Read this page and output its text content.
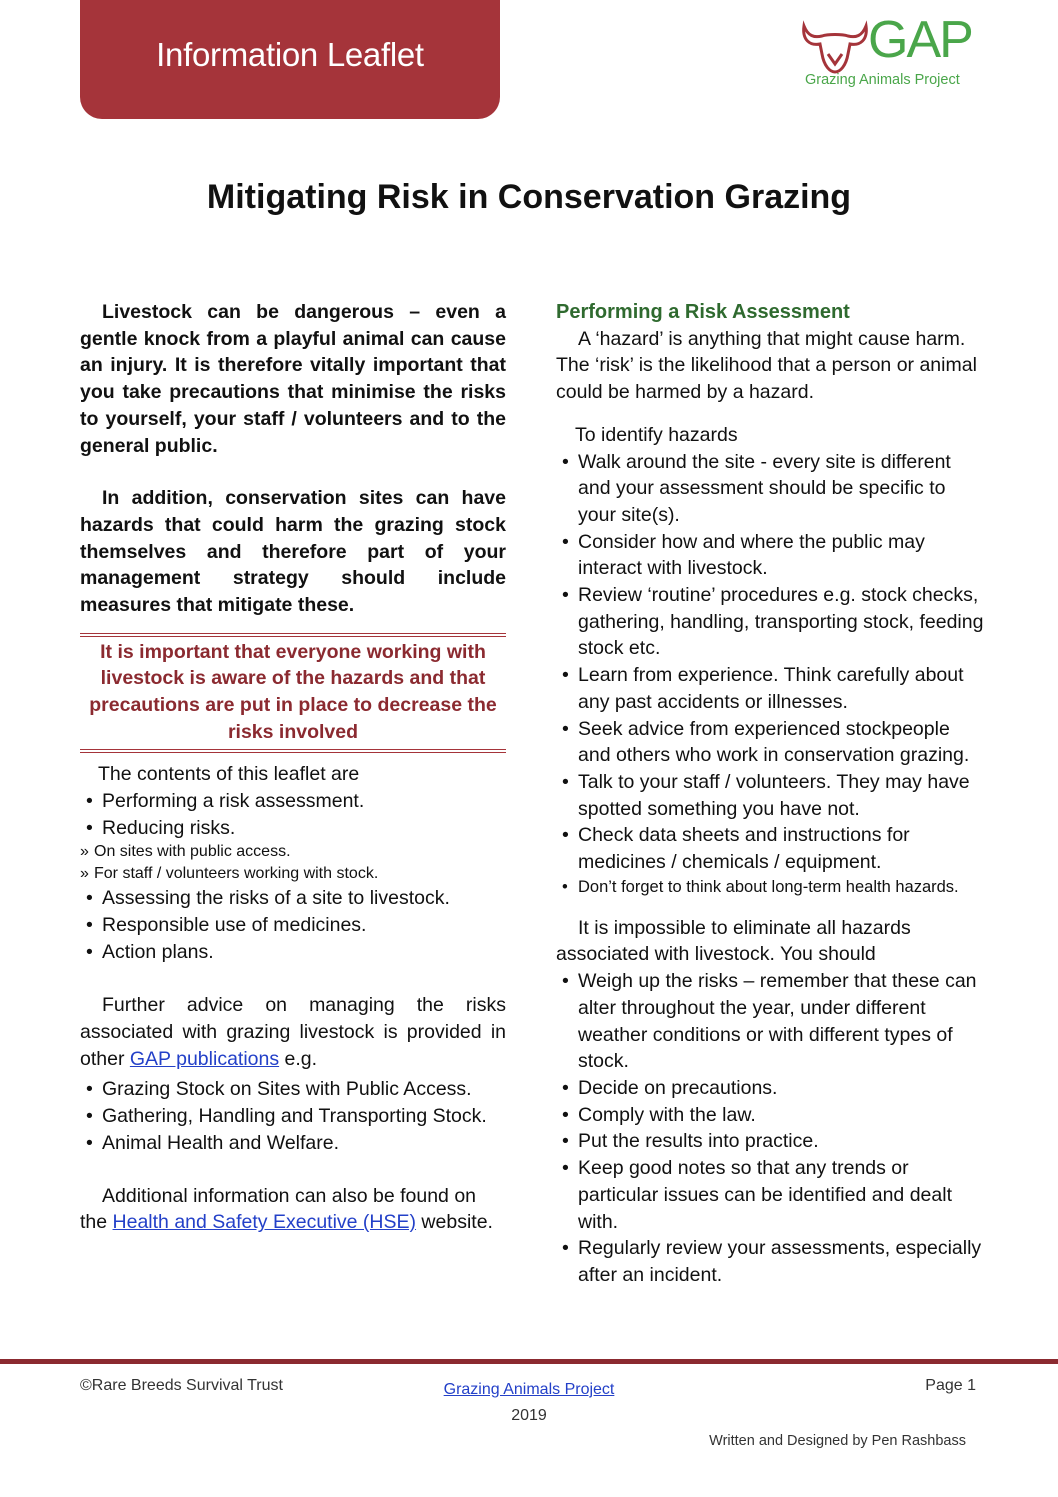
Information Leaflet	GAP
Grazing Animals Project
Mitigating Risk in Conservation Grazing

Livestock can be dangerous – even a gentle knock from a playful animal can cause an injury. It is therefore vitally important that you take precautions that minimise the risks to yourself, your staff / volunteers and to the general public.

In addition, conservation sites can have hazards that could harm the grazing stock themselves and therefore part of your management strategy should include measures that mitigate these.

It is important that everyone working with livestock is aware of the hazards and that precautions are put in place to decrease the risks involved

The contents of this leaflet are

• Performing a risk assessment.
• Reducing risks.
» On sites with public access.
» For staff / volunteers working with stock.
• Assessing the risks of a site to livestock.
• Responsible use of medicines.
• Action plans.

Further advice on managing the risks associated with grazing livestock is provided in other GAP publications e.g.

• Grazing Stock on Sites with Public Access.
• Gathering, Handling and Transporting Stock.
• Animal Health and Welfare.

Additional information can also be found on the Health and Safety Executive (HSE) website.

Performing a Risk Assessment

A ‘hazard’ is anything that might cause harm. The ‘risk’ is the likelihood that a person or animal could be harmed by a hazard.

To identify hazards

• Walk around the site - every site is different and your assessment should be specific to your site(s).
• Consider how and where the public may interact with livestock.
• Review ‘routine’ procedures e.g. stock checks, gathering, handling, transporting stock, feeding stock etc.
• Learn from experience. Think carefully about any past accidents or illnesses.
• Seek advice from experienced stockpeople and others who work in conservation grazing.
• Talk to your staff / volunteers. They may have spotted something you have not.
• Check data sheets and instructions for medicines / chemicals / equipment.
• Don’t forget to think about long-term health hazards.

It is impossible to eliminate all hazards associated with livestock. You should

• Weigh up the risks – remember that these can alter throughout the year, under different weather conditions or with different types of stock.
• Decide on precautions.
• Comply with the law.
• Put the results into practice.
• Keep good notes so that any trends or particular issues can be identified and dealt with.
• Regularly review your assessments, especially after an incident.
©Rare Breeds Survival Trust	Grazing Animals Project
2019
Page 1
Written and Designed by Pen Rashbass
